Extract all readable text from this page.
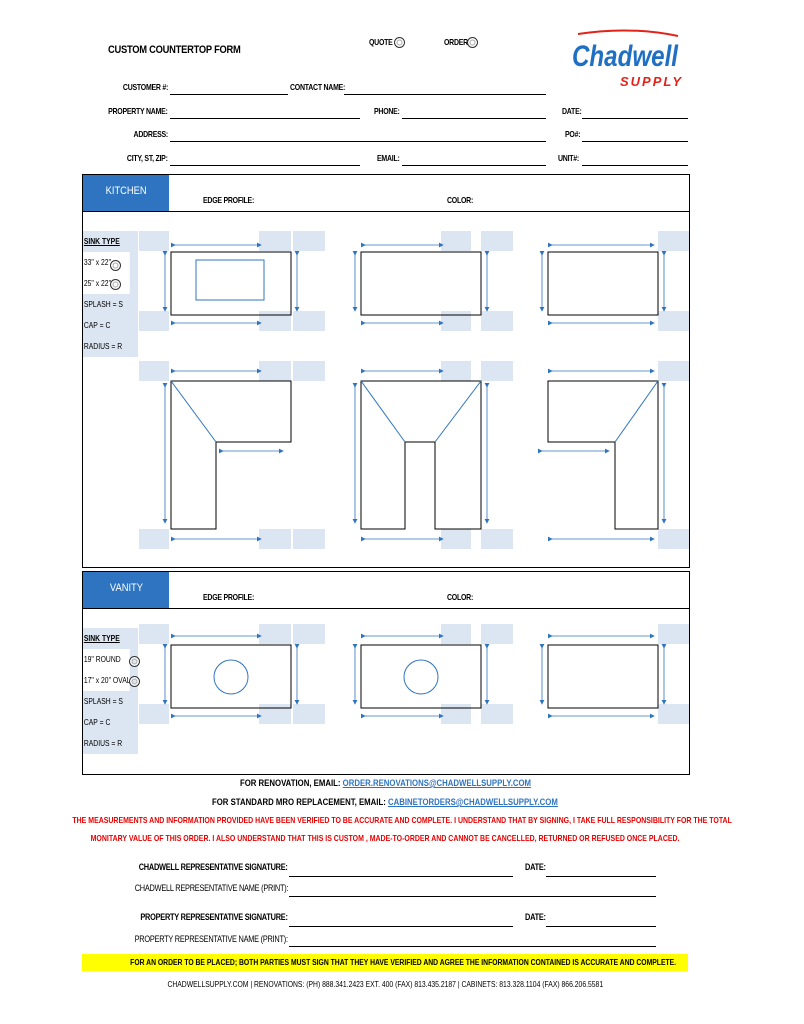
CUSTOM COUNTERTOP FORM
QUOTE	ORDER	Chadwell
SUPPLY
CUSTOMER #:	CONTACT NAME:
PROPERTY NAME:	PHONE:	DATE:
ADDRESS:	PO#:
CITY, ST, ZIP:	EMAIL:	UNIT#:
KITCHEN
EDGE PROFILE:	COLOR:
SINK TYPE
33" x 22"
25" x 22"
SPLASH = S
CAP = C
RADIUS = R
VANITY
EDGE PROFILE:	COLOR:
SINK TYPE
19" ROUND
17" x 20" OVAL
SPLASH = S
CAP = C
RADIUS = R
FOR RENOVATION, EMAIL: ORDER.RENOVATIONS@CHADWELLSUPPLY.COM
FOR STANDARD MRO REPLACEMENT, EMAIL: CABINETORDERS@CHADWELLSUPPLY.COM
THE MEASUREMENTS AND INFORMATION PROVIDED HAVE BEEN VERIFIED TO BE ACCURATE AND COMPLETE. I UNDERSTAND THAT BY SIGNING, I TAKE FULL RESPONSIBILITY FOR THE TOTAL
MONITARY VALUE OF THIS ORDER. I ALSO UNDERSTAND THAT THIS IS CUSTOM , MADE-TO-ORDER AND CANNOT BE CANCELLED, RETURNED OR REFUSED ONCE PLACED.
CHADWELL REPRESENTATIVE SIGNATURE:	DATE:
CHADWELL REPRESENTATIVE NAME (PRINT):
PROPERTY REPRESENTATIVE SIGNATURE:	DATE:
PROPERTY REPRESENTATIVE NAME (PRINT):
FOR AN ORDER TO BE PLACED; BOTH PARTIES MUST SIGN THAT THEY HAVE VERIFIED AND AGREE THE INFORMATION CONTAINED IS ACCURATE AND COMPLETE.
CHADWELLSUPPLY.COM | RENOVATIONS: (PH) 888.341.2423 EXT. 400 (FAX) 813.435.2187 | CABINETS: 813.328.1104 (FAX) 866.206.5581
